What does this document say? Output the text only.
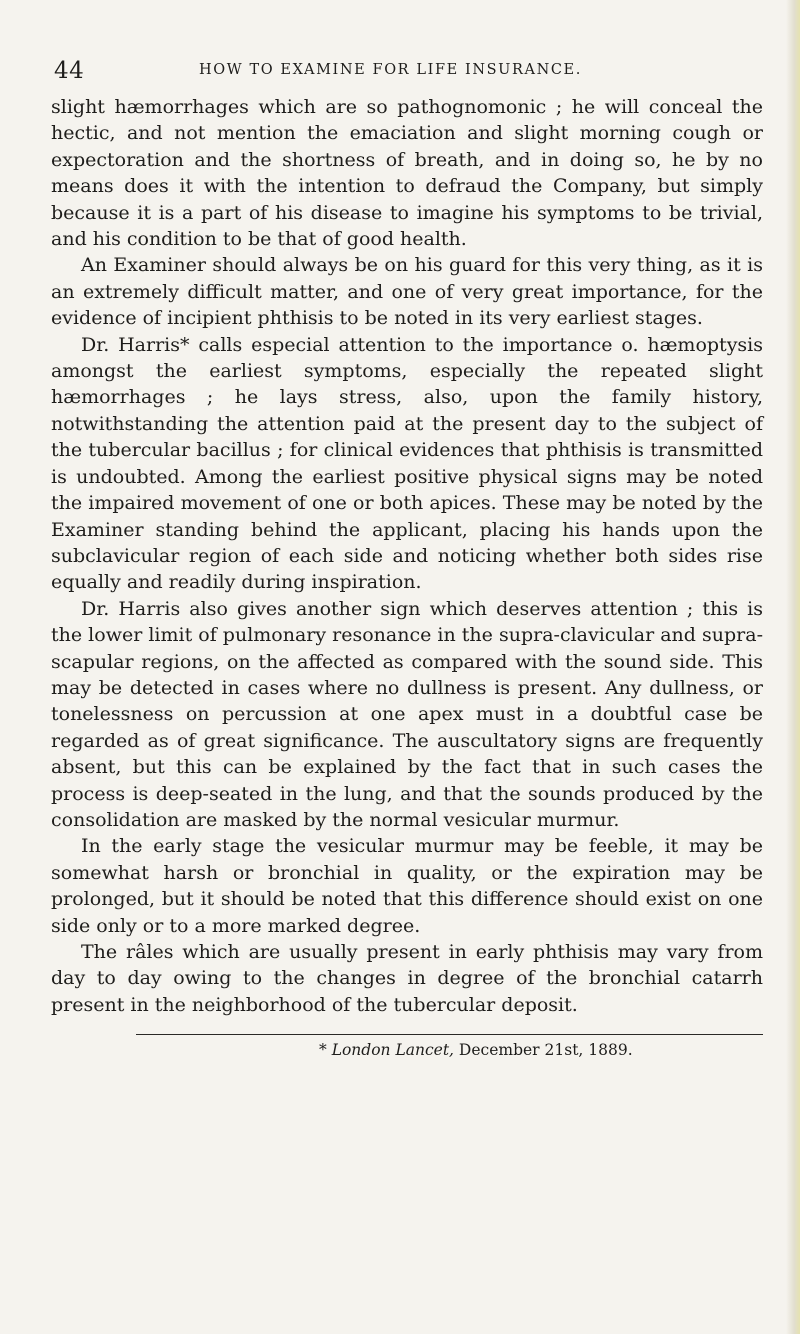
44	HOW TO EXAMINE FOR LIFE INSURANCE.

slight hæmorrhages which are so pathognomonic ; he will conceal the hectic, and not mention the emaciation and slight morning cough or expectoration and the shortness of breath, and in doing so, he by no means does it with the intention to defraud the Company, but simply because it is a part of his disease to imagine his symptoms to be trivial, and his condition to be that of good health.

An Examiner should always be on his guard for this very thing, as it is an extremely difficult matter, and one of very great importance, for the evidence of incipient phthisis to be noted in its very earliest stages.

Dr. Harris* calls especial attention to the importance o. hæmoptysis amongst the earliest symptoms, especially the repeated slight hæmorrhages ; he lays stress, also, upon the family history, notwithstanding the attention paid at the present day to the subject of the tubercular bacillus ; for clinical evidences that phthisis is transmitted is undoubted. Among the earliest positive physical signs may be noted the impaired movement of one or both apices. These may be noted by the Examiner standing behind the applicant, placing his hands upon the subclavicular region of each side and noticing whether both sides rise equally and readily during inspiration.

Dr. Harris also gives another sign which deserves attention ; this is the lower limit of pulmonary resonance in the supra-clavicular and supra-scapular regions, on the affected as compared with the sound side. This may be detected in cases where no dullness is present. Any dullness, or tonelessness on percussion at one apex must in a doubtful case be regarded as of great significance. The auscultatory signs are frequently absent, but this can be explained by the fact that in such cases the process is deep-seated in the lung, and that the sounds produced by the consolidation are masked by the normal vesicular murmur.

In the early stage the vesicular murmur may be feeble, it may be somewhat harsh or bronchial in quality, or the expiration may be prolonged, but it should be noted that this difference should exist on one side only or to a more marked degree.

The râles which are usually present in early phthisis may vary from day to day owing to the changes in degree of the bronchial catarrh present in the neighborhood of the tubercular deposit.

* London Lancet, December 21st, 1889.
